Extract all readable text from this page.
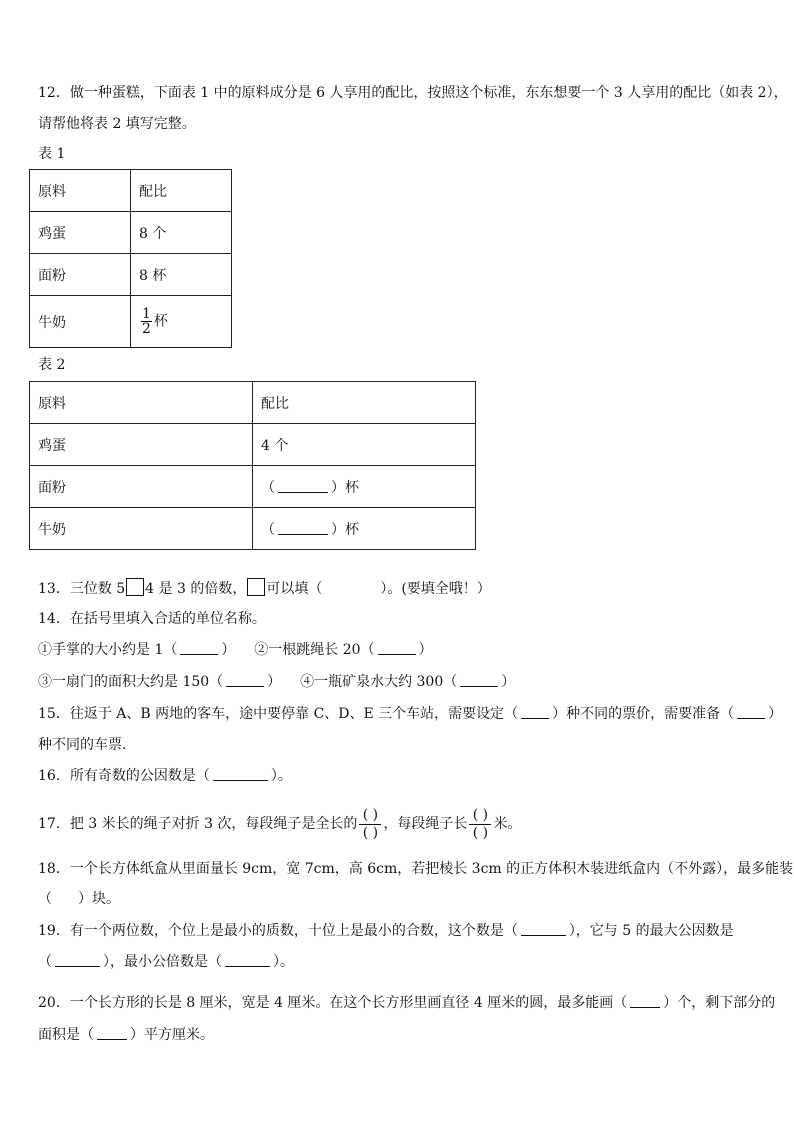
12．做一种蛋糕，下面表 1 中的原料成分是 6 人享用的配比，按照这个标准，东东想要一个 3 人享用的配比（如表 2），
请帮他将表 2 填写完整。
表 1
原料	配比
鸡蛋	8 个
面粉	8 杯
牛奶	$\frac{1}{2}$ 杯
表 2
原料	配比
鸡蛋	4 个
面粉	（ ）杯
牛奶	（ ）杯
13．三位数 5 4 是 3 的倍数， 可以填（	）。(要填全哦！）
14．在括号里填入合适的单位名称。
①手掌的大小约是 1（	） ②一根跳绳长 20（	）
③一扇门的面积大约是 150（	） ④一瓶矿泉水大约 300（	）
15．往返于 A、B 两地的客车，途中要停靠 C、D、E 三个车站，需要设定（ ）种不同的票价，需要准备（ ）
种不同的车票．
16．所有奇数的公因数是（	）。
17．把 3 米长的绳子对折 3 次，每段绳子是全长的 $\frac{( )}{( )}$ ，每段绳子长 $\frac{( )}{( )}$ 米。
18．一个长方体纸盒从里面量长 9cm，宽 7cm，高 6cm，若把棱长 3cm 的正方体积木装进纸盒内（不外露），最多能装
（ ）块。
19．有一个两位数，个位上是最小的质数，十位上是最小的合数，这个数是（	），它与 5 的最大公因数是
（	），最小公倍数是（	）。
20．一个长方形的长是 8 厘米，宽是 4 厘米。在这个长方形里画直径 4 厘米的圆，最多能画（	）个，剩下部分的
面积是（	）平方厘米。
